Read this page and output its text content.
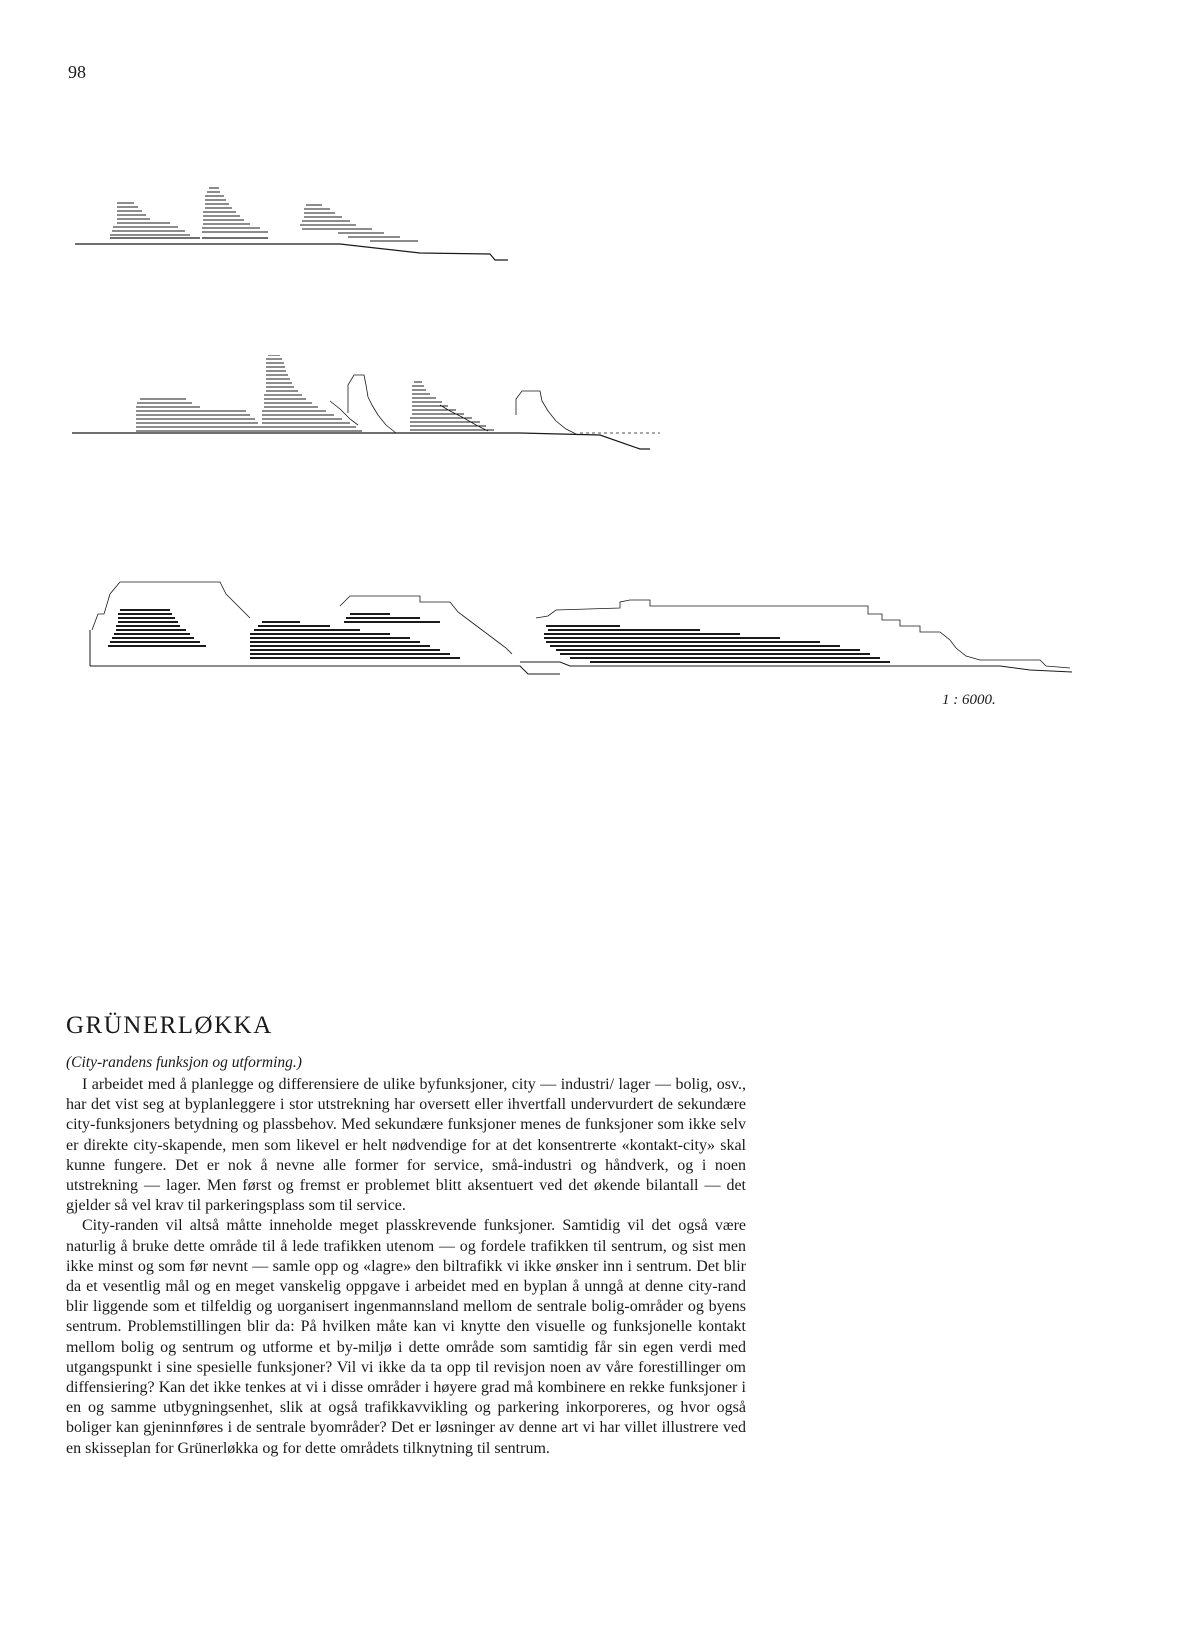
98
1 : 6000.
GRÜNERLØKKA

(City-randens funksjon og utforming.)

I arbeidet med å planlegge og differensiere de ulike byfunksjoner, city — industri/ lager — bolig, osv., har det vist seg at byplanleggere i stor utstrekning har oversett eller ihvertfall undervurdert de sekundære city-funksjoners betydning og plassbehov. Med sekundære funksjoner menes de funksjoner som ikke selv er direkte city-skapende, men som likevel er helt nødvendige for at det konsentrerte «kontakt-city» skal kunne fungere. Det er nok å nevne alle former for service, små-industri og håndverk, og i noen utstrekning — lager. Men først og fremst er problemet blitt aksentuert ved det økende bilantall — det gjelder så vel krav til parkeringsplass som til service.

City-randen vil altså måtte inneholde meget plasskrevende funksjoner. Samtidig vil det også være naturlig å bruke dette område til å lede trafikken utenom — og fordele trafikken til sentrum, og sist men ikke minst og som før nevnt — samle opp og «lagre» den biltrafikk vi ikke ønsker inn i sentrum. Det blir da et vesentlig mål og en meget vanskelig oppgave i arbeidet med en byplan å unngå at denne city-rand blir liggende som et tilfeldig og uorganisert ingenmannsland mellom de sentrale bolig-områder og byens sentrum. Problemstillingen blir da: På hvilken måte kan vi knytte den visuelle og funksjonelle kontakt mellom bolig og sentrum og utforme et by-miljø i dette område som samtidig får sin egen verdi med utgangspunkt i sine spesielle funksjoner? Vil vi ikke da ta opp til revisjon noen av våre forestillinger om diffensiering? Kan det ikke tenkes at vi i disse områder i høyere grad må kombinere en rekke funksjoner i en og samme utbygningsenhet, slik at også trafikkavvikling og parkering inkorporeres, og hvor også boliger kan gjeninnføres i de sentrale byområder? Det er løsninger av denne art vi har villet illustrere ved en skisseplan for Grünerløkka og for dette områdets tilknytning til sentrum.
